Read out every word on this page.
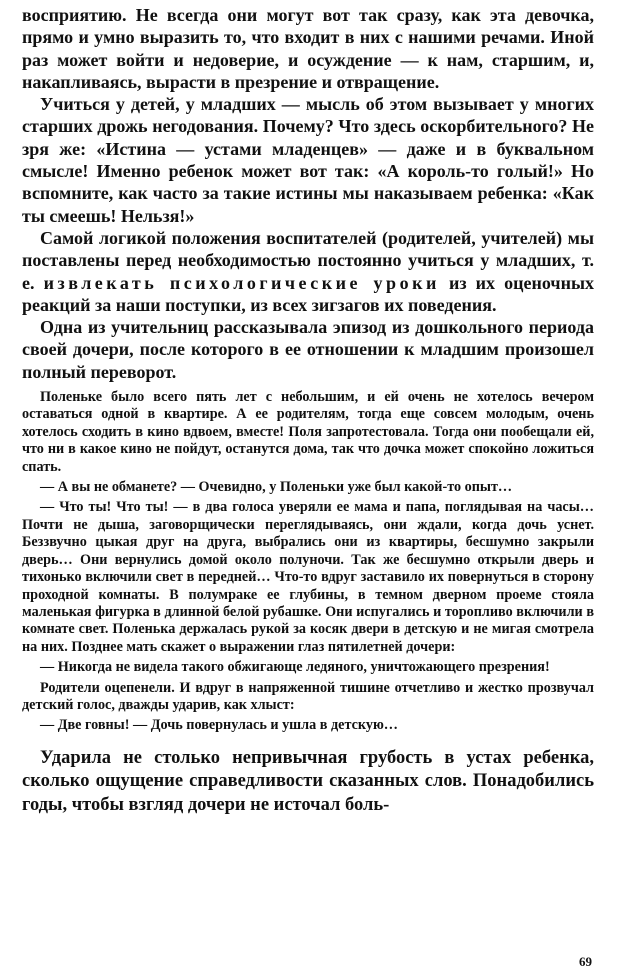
восприятию. Не всегда они могут вот так сразу, как эта девочка, прямо и умно выразить то, что входит в них с нашими речами. Иной раз может войти и недоверие, и осуждение — к нам, старшим, и, накапливаясь, вырасти в презрение и отвращение.

Учиться у детей, у младших — мысль об этом вызывает у многих старших дрожь негодования. Почему? Что здесь оскорбительного? Не зря же: «Истина — устами младенцев» — даже и в буквальном смысле! Именно ребенок может вот так: «А король-то голый!» Но вспомните, как часто за такие истины мы наказываем ребенка: «Как ты смеешь! Нельзя!»

Самой логикой положения воспитателей (родителей, учителей) мы поставлены перед необходимостью постоянно учиться у младших, т. е. извлекать психологические уроки из их оценочных реакций за наши поступки, из всех зигзагов их поведения.

Одна из учительниц рассказывала эпизод из дошкольного периода своей дочери, после которого в ее отношении к младшим произошел полный переворот.

Поленьке было всего пять лет с небольшим, и ей очень не хотелось вечером оставаться одной в квартире. А ее родителям, тогда еще совсем молодым, очень хотелось сходить в кино вдвоем, вместе! Поля запротестовала. Тогда они пообещали ей, что ни в какое кино не пойдут, останутся дома, так что дочка может спокойно ложиться спать.

— А вы не обманете? — Очевидно, у Поленьки уже был какой-то опыт…

— Что ты! Что ты! — в два голоса уверяли ее мама и папа, поглядывая на часы… Почти не дыша, заговорщически переглядываясь, они ждали, когда дочь уснет. Беззвучно цыкая друг на друга, выбрались они из квартиры, бесшумно закрыли дверь… Они вернулись домой около полуночи. Так же бесшумно открыли дверь и тихонько включили свет в передней… Что-то вдруг заставило их повернуться в сторону проходной комнаты. В полумраке ее глубины, в темном дверном проеме стояла маленькая фигурка в длинной белой рубашке. Они испугались и торопливо включили в комнате свет. Поленька держалась рукой за косяк двери в детскую и не мигая смотрела на них. Позднее мать скажет о выражении глаз пятилетней дочери:

— Никогда не видела такого обжигающе ледяного, уничтожающего презрения!

Родители оцепенели. И вдруг в напряженной тишине отчетливо и жестко прозвучал детский голос, дважды ударив, как хлыст:

— Две говны! — Дочь повернулась и ушла в детскую…

Ударила не столько непривычная грубость в устах ребенка, сколько ощущение справедливости сказанных слов. Понадобились годы, чтобы взгляд дочери не источал боль-

69
